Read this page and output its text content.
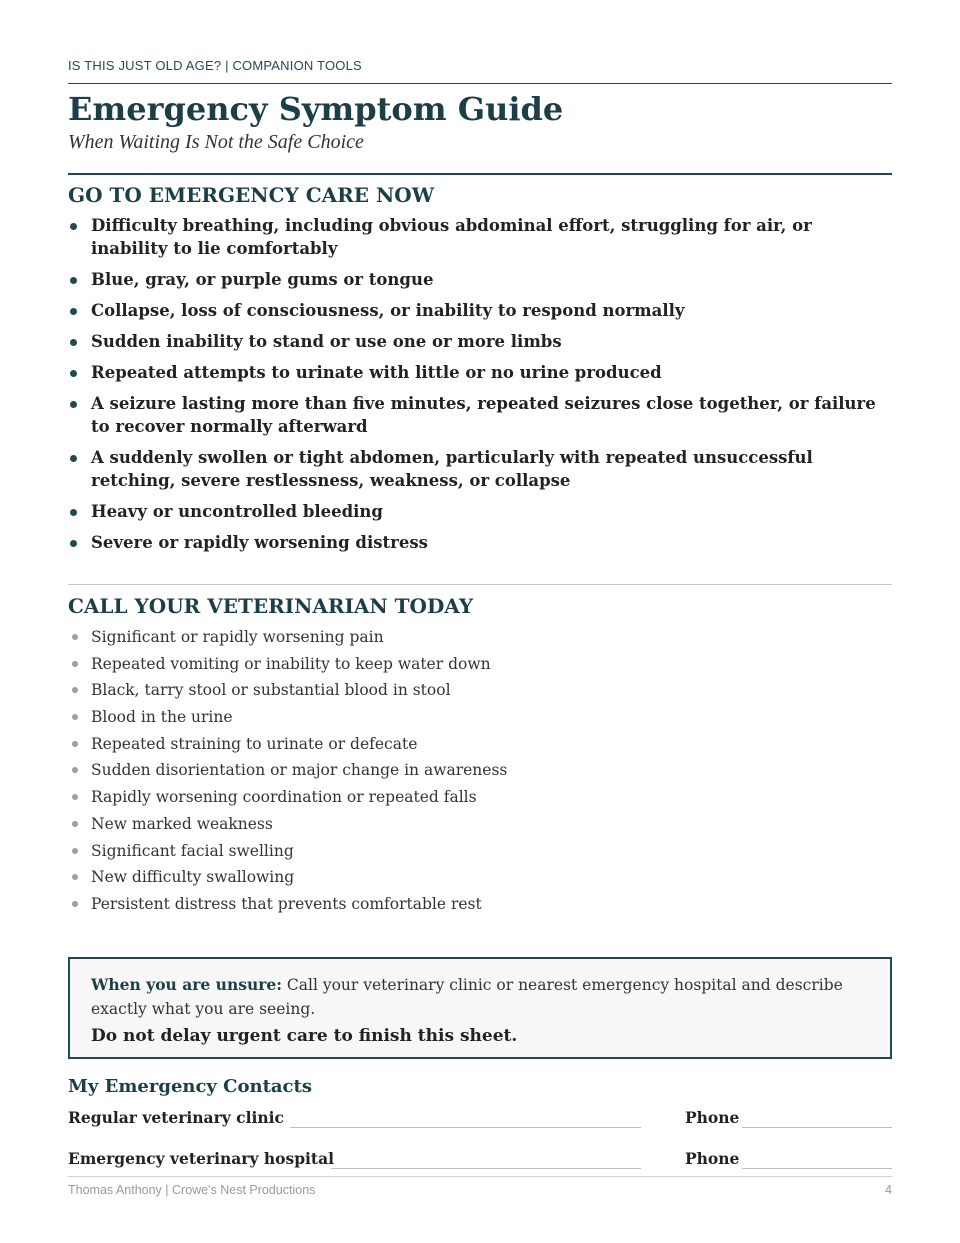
IS THIS JUST OLD AGE? | COMPANION TOOLS
Emergency Symptom Guide
When Waiting Is Not the Safe Choice
GO TO EMERGENCY CARE NOW
Difficulty breathing, including obvious abdominal effort, struggling for air, or inability to lie comfortably
Blue, gray, or purple gums or tongue
Collapse, loss of consciousness, or inability to respond normally
Sudden inability to stand or use one or more limbs
Repeated attempts to urinate with little or no urine produced
A seizure lasting more than five minutes, repeated seizures close together, or failure to recover normally afterward
A suddenly swollen or tight abdomen, particularly with repeated unsuccessful retching, severe restlessness, weakness, or collapse
Heavy or uncontrolled bleeding
Severe or rapidly worsening distress
CALL YOUR VETERINARIAN TODAY
Significant or rapidly worsening pain
Repeated vomiting or inability to keep water down
Black, tarry stool or substantial blood in stool
Blood in the urine
Repeated straining to urinate or defecate
Sudden disorientation or major change in awareness
Rapidly worsening coordination or repeated falls
New marked weakness
Significant facial swelling
New difficulty swallowing
Persistent distress that prevents comfortable rest

When you are unsure: Call your veterinary clinic or nearest emergency hospital and describe exactly what you are seeing.

Do not delay urgent care to finish this sheet.

My Emergency Contacts
Regular veterinary clinic	Phone
Emergency veterinary hospital	Phone
Thomas Anthony | Crowe's Nest Productions	4
